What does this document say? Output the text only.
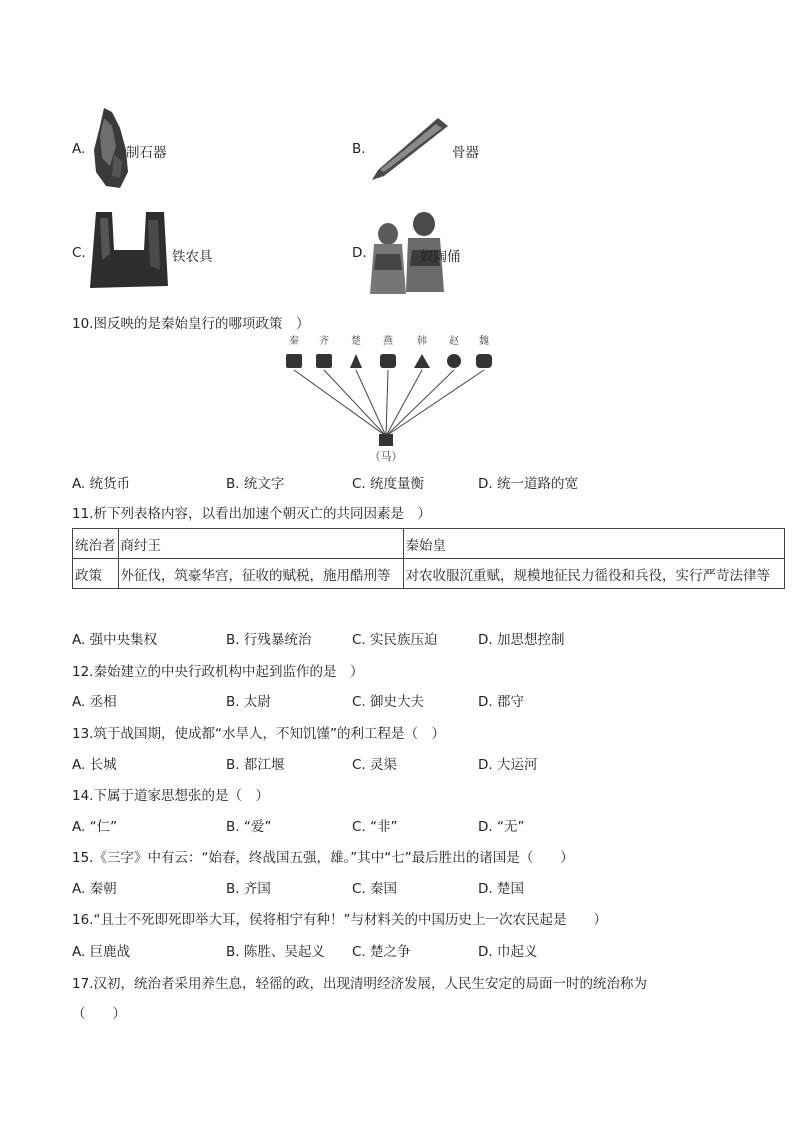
A.	制石器	B.	骨器
C.	铁农具	D.	奴陶俑
10.图反映的是秦始皇行的哪项政策　）
秦 齐 楚 燕 韩 赵 魏
（马）
A. 统货币	B. 统文字	C. 统度量衡	D. 统一道路的宽
11.析下列表格内容，以看出加速个朝灭亡的共同因素是　）
统治者	商纣王	秦始皇
政策	外征伐，筑豪华宫，征收的赋税，施用酷刑等	对农收服沉重赋，规模地征民力徭役和兵役，实行严苛法律等
A. 强中央集权	B. 行残暴统治	C. 实民族压迫	D. 加思想控制
12.秦始建立的中央行政机构中起到监作的是　）
A. 丞相	B. 太尉	C. 御史大夫	D. 郡守
13.筑于战国期，使成都“水旱人，不知饥馑”的利工程是（　）
A. 长城	B. 都江堰	C. 灵渠	D. 大运河
14.下属于道家思想张的是（　）
A. “仁”	B. “爱”	C. “非”	D. “无”
15.《三字》中有云：“始春，终战国五强，雄。”其中“七”最后胜出的诸国是（　　）
A. 秦朝	B. 齐国	C. 秦国	D. 楚国
16.“且士不死即死即举大耳，侯将相宁有种！”与材料关的中国历史上一次农民起是　　）
A. 巨鹿战	B. 陈胜、吴起义 C. 楚之争	D. 巾起义
17.汉初，统治者采用养生息，轻徭的政，出现清明经济发展，人民生安定的局面一时的统治称为
（　　）
